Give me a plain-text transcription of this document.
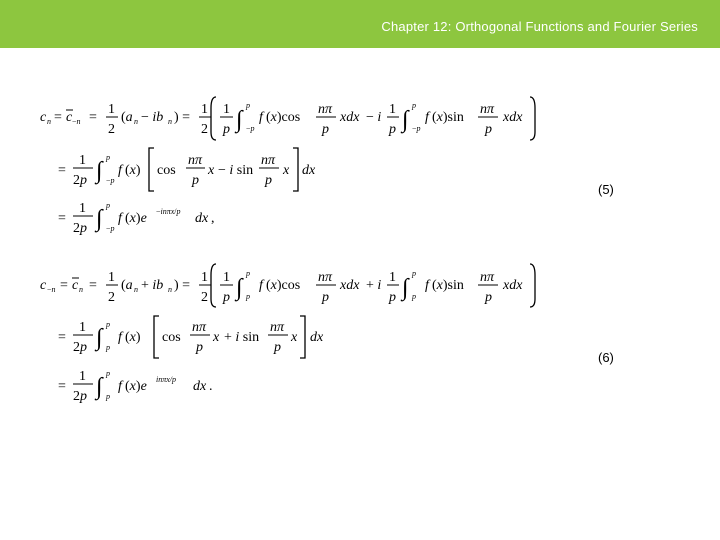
Chapter 12: Orthogonal Functions and Fourier Series
c n = c −n =
1
2
(a n − ib n ) =
1
2
1
p ∫
p
−p
f (x)cos
nπ
p
xdx − i
1
p ∫
p
−p
f (x)sin
nπ
p
xdx
=
1
2p ∫
p
−p
f (x) cos
nπ
p
x − i sin
nπ
p
x dx
=
1
2p ∫
p
−p
f (x)e −inπx/p dx ,
c −n = c n =
1
2
(a n + ib n ) =
1
2
1
p ∫
p
p
f (x)cos
nπ
p
xdx + i
1
p ∫
p
p
f (x)sin
nπ
p
xdx
=
1
2p ∫
p
p
f (x) cos
nπ
p
x + i sin
nπ
p
x dx
=
1
2p ∫
p
p
f (x)e inπx/p dx .
(5)
(6)
